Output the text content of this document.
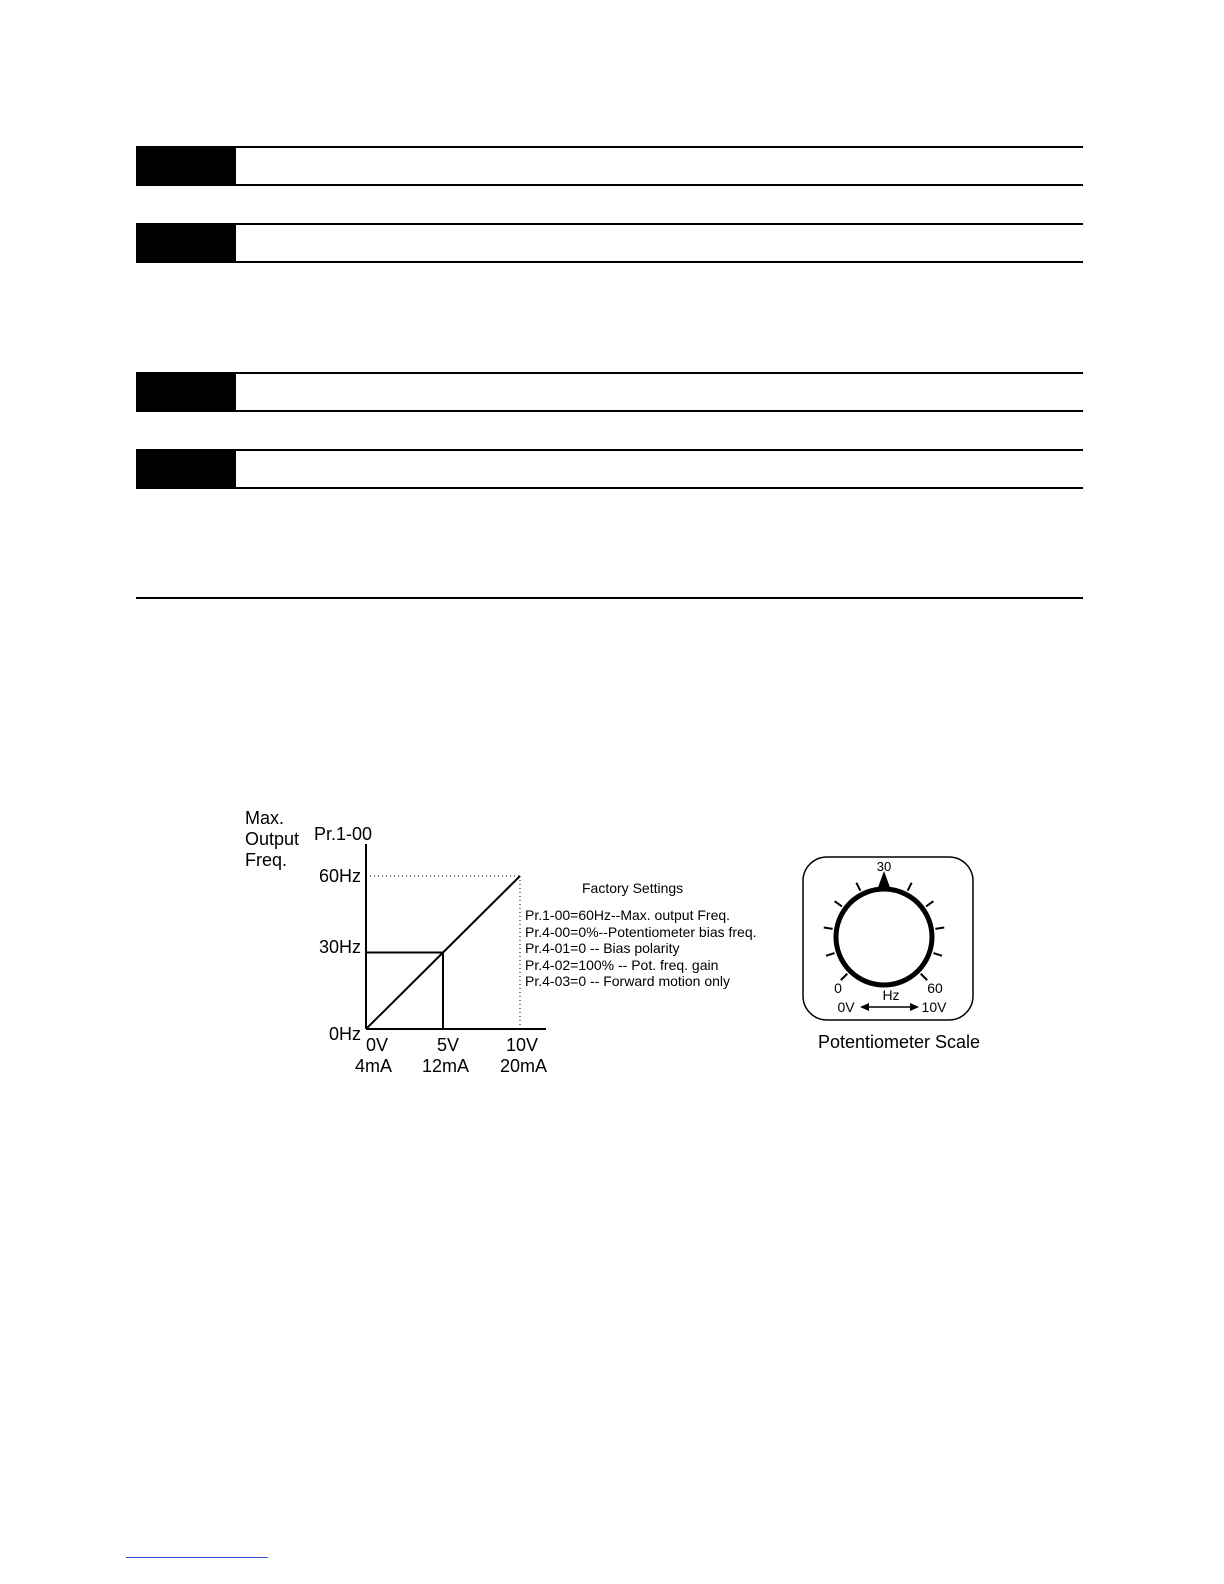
Max.
Output
Freq.
Pr.1-00
60Hz
30Hz
0Hz
0V	5V	10V
4mA 12mA 20mA
Factory Settings
Pr.1-00=60Hz--Max. output Freq.
Pr.4-00=0%--Potentiometer bias freq.
Pr.4-01=0 -- Bias polarity
Pr.4-02=100% -- Pot. freq. gain
Pr.4-03=0 -- Forward motion only
30
0	60
Hz
0V	10V
Potentiometer Scale
